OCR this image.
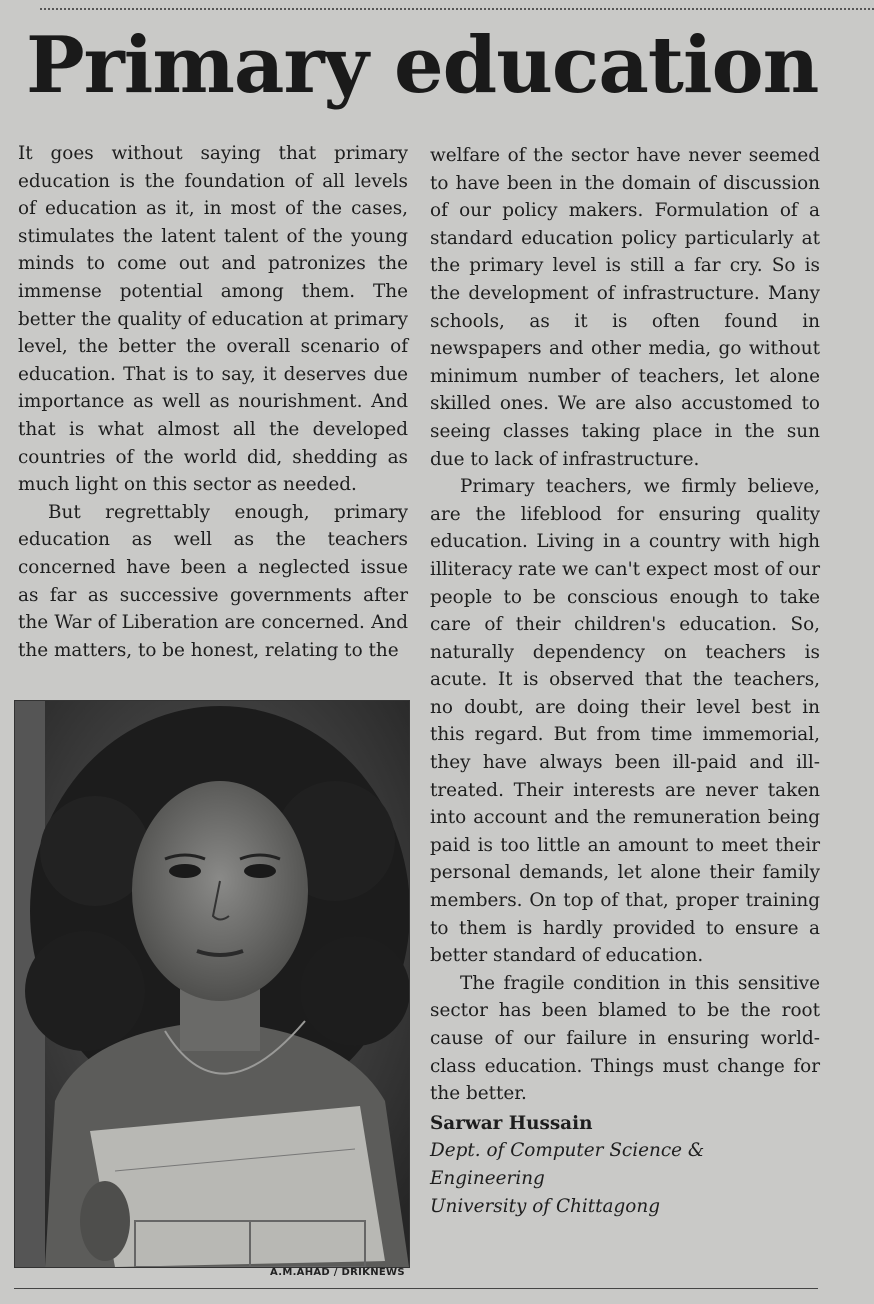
Primary education

It goes without saying that primary education is the foundation of all levels of education as it, in most of the cases, stimulates the latent talent of the young minds to come out and patronizes the immense potential among them. The better the quality of education at primary level, the better the overall scenario of education. That is to say, it deserves due importance as well as nourishment. And that is what almost all the developed countries of the world did, shedding as much light on this sector as needed.

But regrettably enough, primary education as well as the teachers concerned have been a neglected issue as far as successive governments after the War of Liberation are concerned. And the matters, to be honest, relating to the

A.M.AHAD / DRIKNEWS

welfare of the sector have never seemed to have been in the domain of discussion of our policy makers. Formulation of a standard education policy particularly at the primary level is still a far cry. So is the development of infrastructure. Many schools, as it is often found in newspapers and other media, go without minimum number of teachers, let alone skilled ones. We are also accustomed to seeing classes taking place in the sun due to lack of infrastructure.

Primary teachers, we firmly believe, are the lifeblood for ensuring quality education. Living in a country with high illiteracy rate we can't expect most of our people to be conscious enough to take care of their children's education. So, naturally dependency on teachers is acute. It is observed that the teachers, no doubt, are doing their level best in this regard. But from time immemorial, they have always been ill-paid and ill-treated. Their interests are never taken into account and the remuneration being paid is too little an amount to meet their personal demands, let alone their family members. On top of that, proper training to them is hardly provided to ensure a better standard of education.

The fragile condition in this sensitive sector has been blamed to be the root cause of our failure in ensuring world-class education. Things must change for the better.

Sarwar Hussain
Dept. of Computer Science &
Engineering
University of Chittagong
